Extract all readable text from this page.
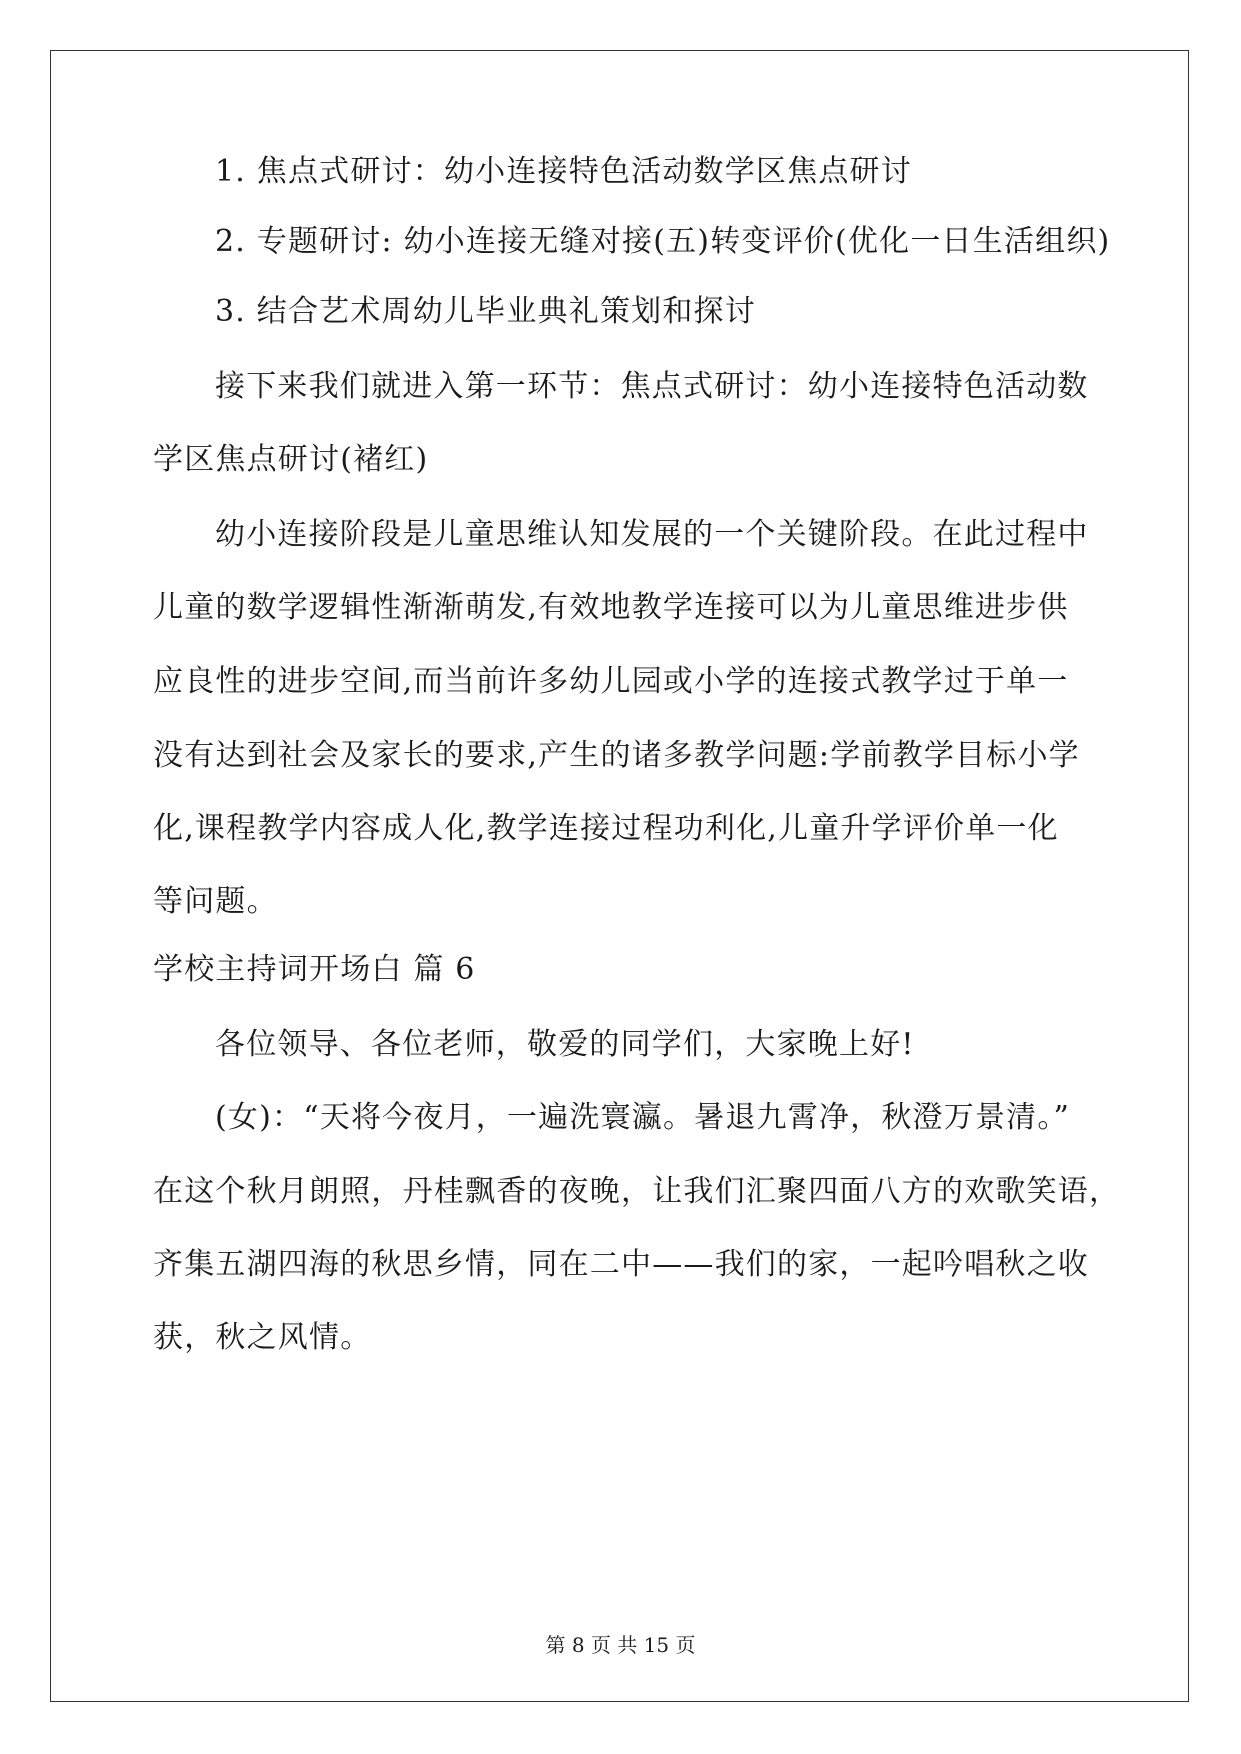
1. 焦点式研讨：幼小连接特色活动数学区焦点研讨
2. 专题研讨: 幼小连接无缝对接(五)转变评价(优化一日生活组织)
3. 结合艺术周幼儿毕业典礼策划和探讨
接下来我们就进入第一环节：焦点式研讨：幼小连接特色活动数
学区焦点研讨(褚红)
幼小连接阶段是儿童思维认知发展的一个关键阶段。在此过程中
儿童的数学逻辑性渐渐萌发,有效地教学连接可以为儿童思维进步供
应良性的进步空间,而当前许多幼儿园或小学的连接式教学过于单一
没有达到社会及家长的要求,产生的诸多教学问题:学前教学目标小学
化,课程教学内容成人化,教学连接过程功利化,儿童升学评价单一化
等问题。
学校主持词开场白 篇 6
各位领导、各位老师，敬爱的同学们，大家晚上好!
(女)：“天将今夜月，一遍洗寰瀛。暑退九霄净，秋澄万景清。”
在这个秋月朗照，丹桂飘香的夜晚，让我们汇聚四面八方的欢歌笑语，
齐集五湖四海的秋思乡情，同在二中——我们的家，一起吟唱秋之收
获，秋之风情。
第 8 页 共 15 页
